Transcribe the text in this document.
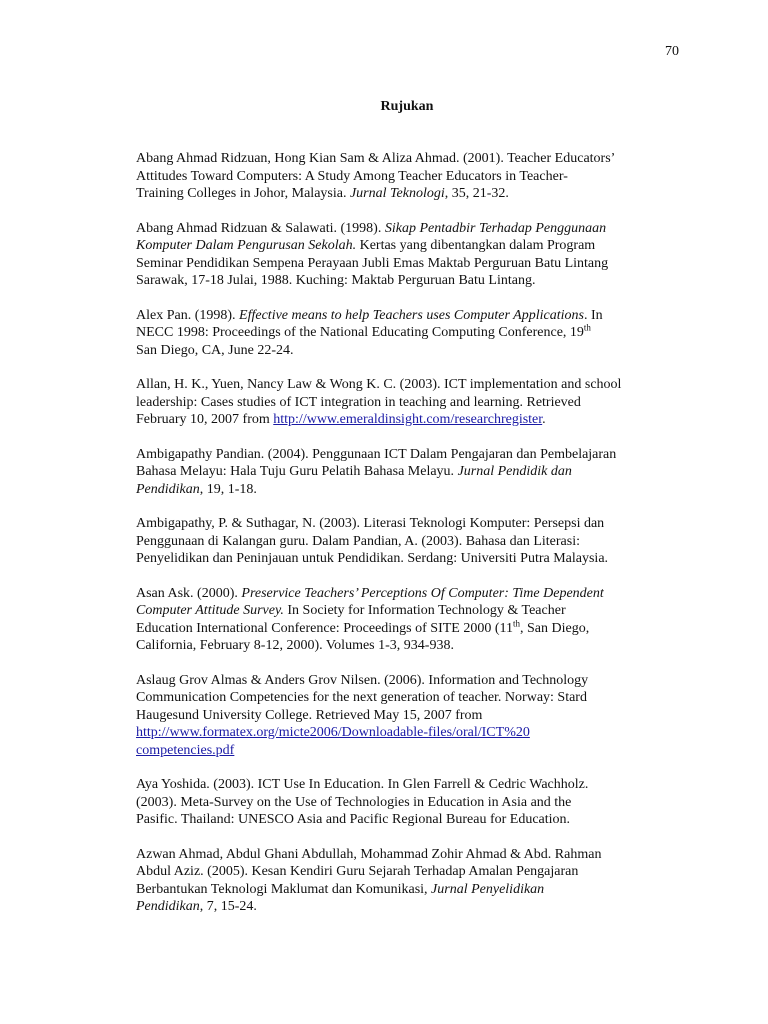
70
Rujukan

Abang Ahmad Ridzuan, Hong Kian Sam & Aliza Ahmad. (2001). Teacher Educators’
Attitudes Toward Computers: A Study Among Teacher Educators in Teacher-
Training Colleges in Johor, Malaysia. Jurnal Teknologi, 35, 21-32.

Abang Ahmad Ridzuan & Salawati. (1998). Sikap Pentadbir Terhadap Penggunaan
Komputer Dalam Pengurusan Sekolah. Kertas yang dibentangkan dalam Program
Seminar Pendidikan Sempena Perayaan Jubli Emas Maktab Perguruan Batu Lintang
Sarawak, 17-18 Julai, 1988. Kuching: Maktab Perguruan Batu Lintang.

Alex Pan. (1998). Effective means to help Teachers uses Computer Applications. In
NECC 1998: Proceedings of the National Educating Computing Conference, 19th
San Diego, CA, June 22-24.

Allan, H. K., Yuen, Nancy Law & Wong K. C. (2003). ICT implementation and school
leadership: Cases studies of ICT integration in teaching and learning. Retrieved
February 10, 2007 from http://www.emeraldinsight.com/researchregister.

Ambigapathy Pandian. (2004). Penggunaan ICT Dalam Pengajaran dan Pembelajaran
Bahasa Melayu: Hala Tuju Guru Pelatih Bahasa Melayu. Jurnal Pendidik dan
Pendidikan, 19, 1-18.

Ambigapathy, P. & Suthagar, N. (2003). Literasi Teknologi Komputer: Persepsi dan
Penggunaan di Kalangan guru. Dalam Pandian, A. (2003). Bahasa dan Literasi:
Penyelidikan dan Peninjauan untuk Pendidikan. Serdang: Universiti Putra Malaysia.

Asan Ask. (2000). Preservice Teachers’ Perceptions Of Computer: Time Dependent
Computer Attitude Survey. In Society for Information Technology & Teacher
Education International Conference: Proceedings of SITE 2000 (11th, San Diego,
California, February 8-12, 2000). Volumes 1-3, 934-938.

Aslaug Grov Almas & Anders Grov Nilsen. (2006). Information and Technology
Communication Competencies for the next generation of teacher. Norway: Stard
Haugesund University College. Retrieved May 15, 2007 from
http://www.formatex.org/micte2006/Downloadable-files/oral/ICT%20
competencies.pdf

Aya Yoshida. (2003). ICT Use In Education. In Glen Farrell & Cedric Wachholz.
(2003). Meta-Survey on the Use of Technologies in Education in Asia and the
Pasific. Thailand: UNESCO Asia and Pacific Regional Bureau for Education.

Azwan Ahmad, Abdul Ghani Abdullah, Mohammad Zohir Ahmad & Abd. Rahman
Abdul Aziz. (2005). Kesan Kendiri Guru Sejarah Terhadap Amalan Pengajaran
Berbantukan Teknologi Maklumat dan Komunikasi, Jurnal Penyelidikan
Pendidikan, 7, 15-24.
